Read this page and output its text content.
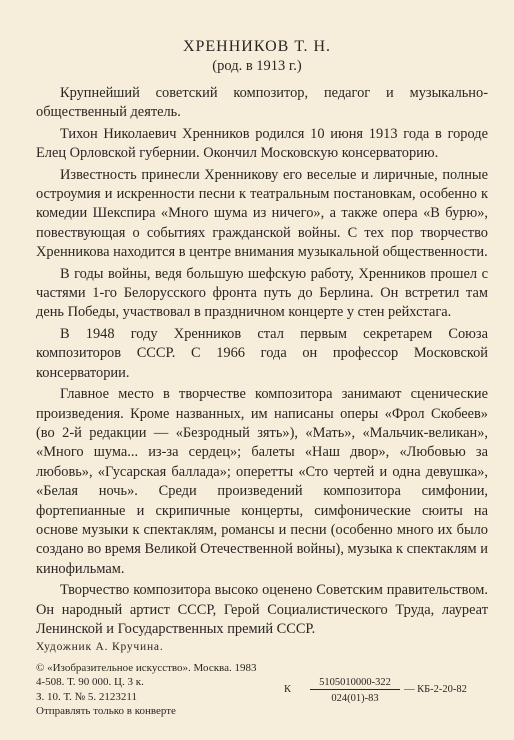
ХРЕННИКОВ Т. Н.
(род. в 1913 г.)

Крупнейший советский композитор, педагог и музыкально-общественный деятель.

Тихон Николаевич Хренников родился 10 июня 1913 года в городе Елец Орловской губернии. Окончил Московскую консерваторию.

Известность принесли Хренникову его веселые и лиричные, полные остроумия и искренности песни к театральным постановкам, особенно к комедии Шекспира «Много шума из ничего», а также опера «В бурю», повествующая о событиях гражданской войны. С тех пор творчество Хренникова находится в центре внимания музыкальной общественности.

В годы войны, ведя большую шефскую работу, Хренников прошел с частями 1-го Белорусского фронта путь до Берлина. Он встретил там день Победы, участвовал в праздничном концерте у стен рейхстага.

В 1948 году Хренников стал первым секретарем Союза композиторов СССР. С 1966 года он профессор Московской консерватории.

Главное место в творчестве композитора занимают сценические произведения. Кроме названных, им написаны оперы «Фрол Скобеев» (во 2-й редакции — «Безродный зять»), «Мать», «Мальчик-великан», «Много шума... из-за сердец»; балеты «Наш двор», «Любовью за любовь», «Гусарская баллада»; оперетты «Сто чертей и одна девушка», «Белая ночь». Среди произведений композитора симфонии, фортепианные и скрипичные концерты, симфонические сюиты на основе музыки к спектаклям, романсы и песни (особенно много их было создано во время Великой Отечественной войны), музыка к спектаклям и кинофильмам.

Творчество композитора высоко оценено Советским правительством. Он народный артист СССР, Герой Социалистического Труда, лауреат Ленинской и Государственных премий СССР.

Художник А. Кручина.
© «Изобразительное искусство». Москва. 1983
4-508. Т. 90 000. Ц. 3 к.
З. 10. Т. № 5. 2123211
Отправлять только в конверте
К
5105010000-322
024(01)-83
— КБ-2-20-82
